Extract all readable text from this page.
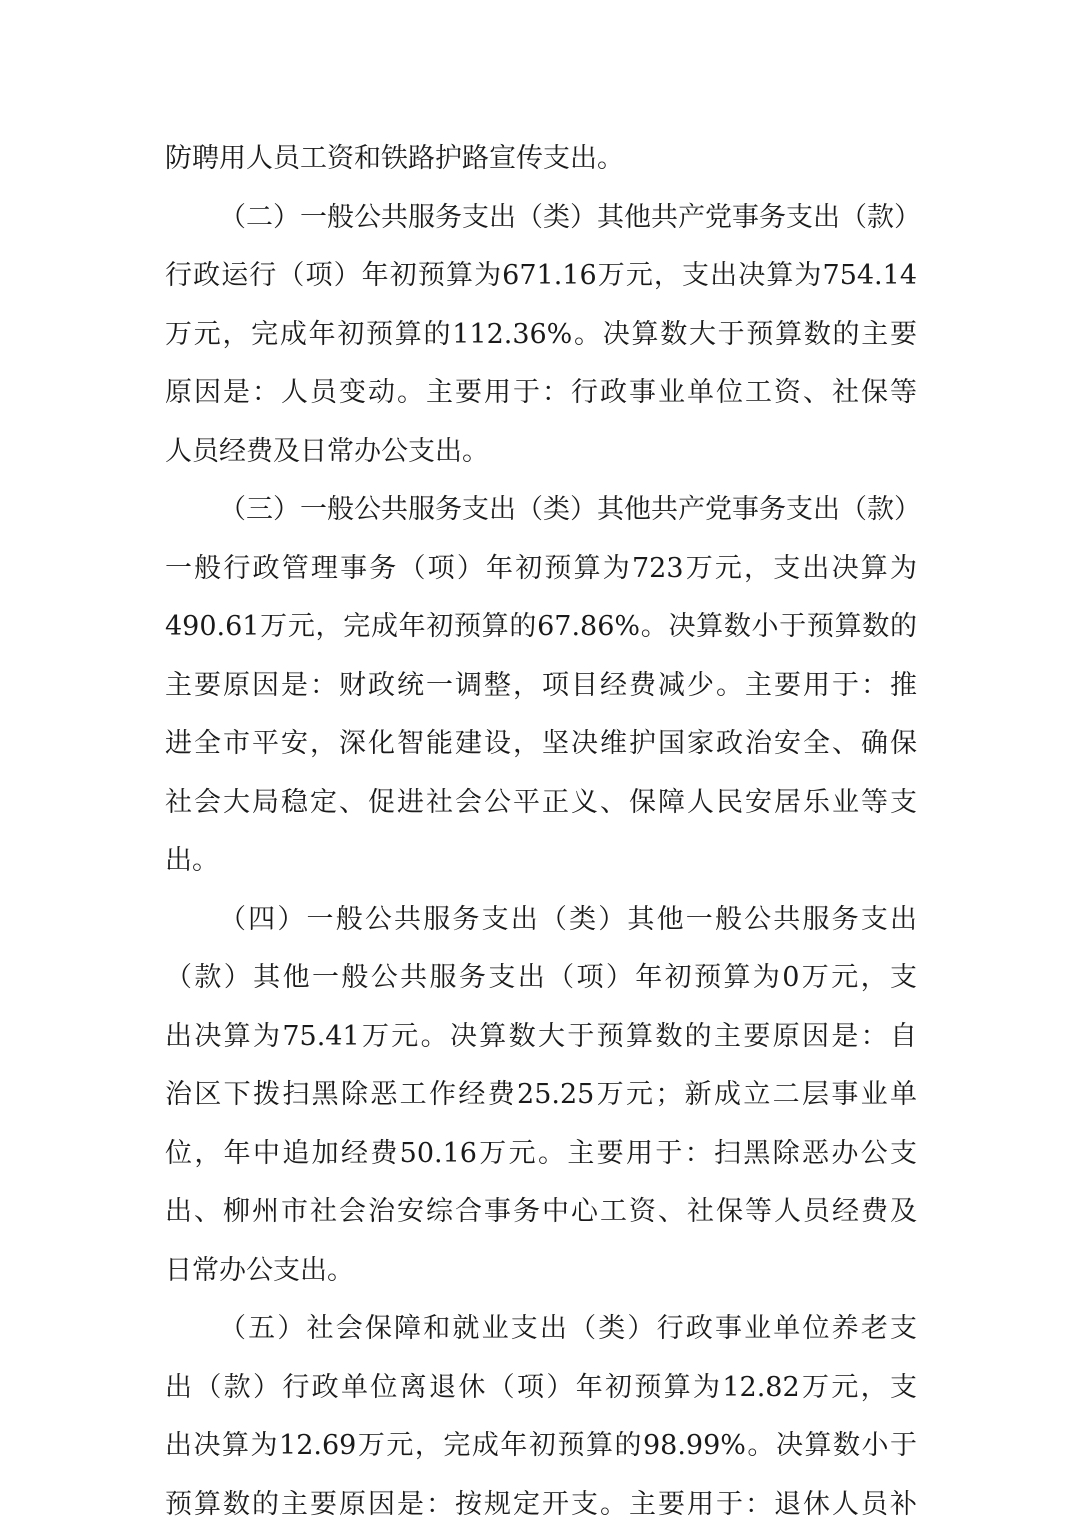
防聘用人员工资和铁路护路宣传支出。
（二）一般公共服务支出（类）其他共产党事务支出（款）
行政运行（项）年初预算为671.16万元，支出决算为754.14
万元，完成年初预算的112.36%。决算数大于预算数的主要
原因是：人员变动。主要用于：行政事业单位工资、社保等
人员经费及日常办公支出。
（三）一般公共服务支出（类）其他共产党事务支出（款）
一般行政管理事务（项）年初预算为723万元，支出决算为
490.61万元，完成年初预算的67.86%。决算数小于预算数的
主要原因是：财政统一调整，项目经费减少。主要用于：推
进全市平安，深化智能建设，坚决维护国家政治安全、确保
社会大局稳定、促进社会公平正义、保障人民安居乐业等支
出。
（四）一般公共服务支出（类）其他一般公共服务支出
（款）其他一般公共服务支出（项）年初预算为0万元，支
出决算为75.41万元。决算数大于预算数的主要原因是：自
治区下拨扫黑除恶工作经费25.25万元；新成立二层事业单
位，年中追加经费50.16万元。主要用于：扫黑除恶办公支
出、柳州市社会治安综合事务中心工资、社保等人员经费及
日常办公支出。
（五）社会保障和就业支出（类）行政事业单位养老支
出（款）行政单位离退休（项）年初预算为12.82万元，支
出决算为12.69万元，完成年初预算的98.99%。决算数小于
预算数的主要原因是：按规定开支。主要用于：退休人员补
